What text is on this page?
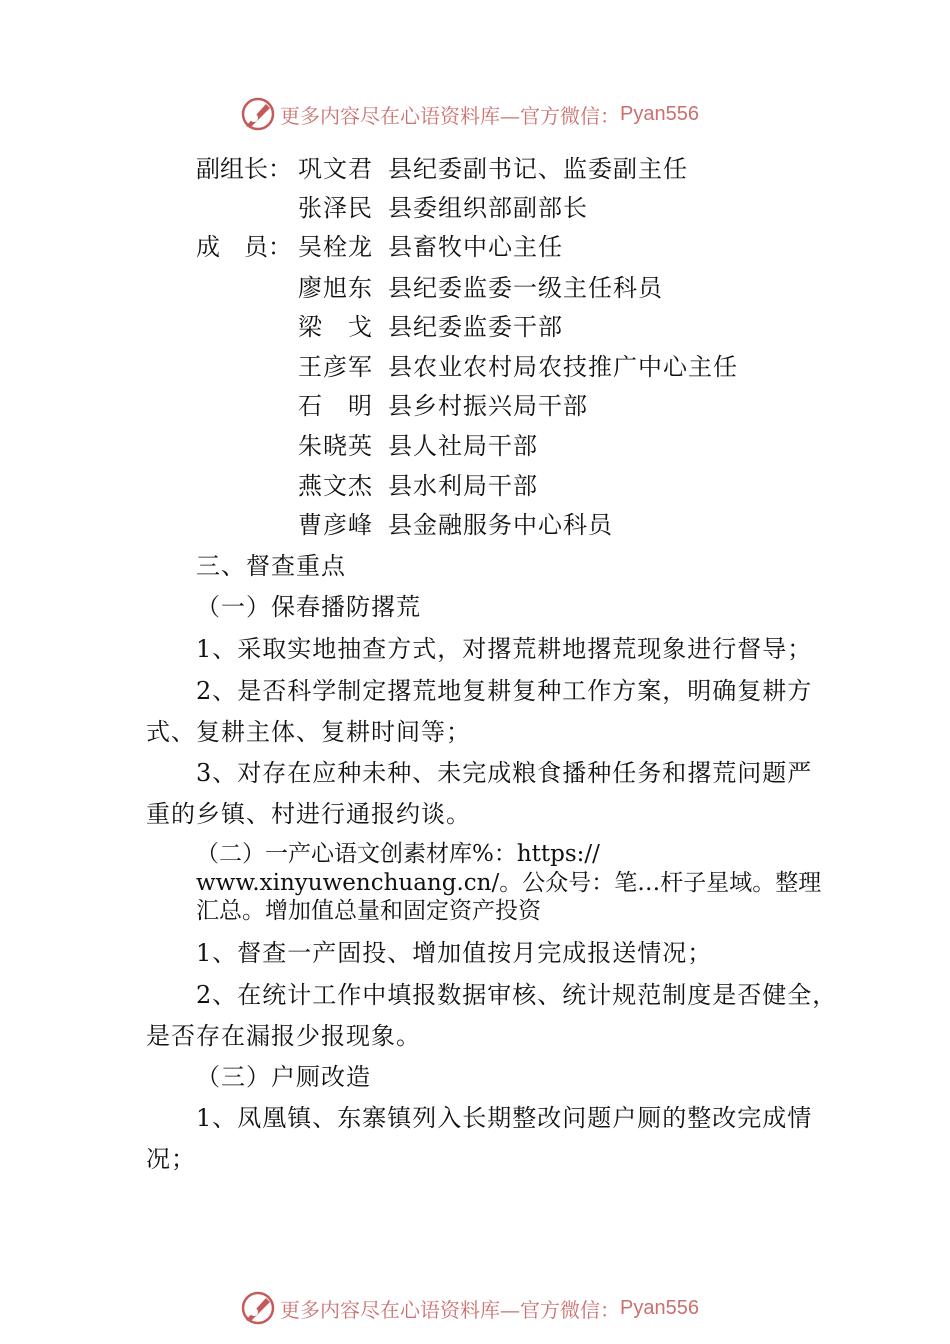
更多内容尽在心语资料库—官方微信： Pyan556
副组长： 巩文君 县纪委副书记、监委副主任
张泽民 县委组织部副部长
成　员： 吴栓龙 县畜牧中心主任
廖旭东 县纪委监委一级主任科员
梁　戈 县纪委监委干部
王彦军 县农业农村局农技推广中心主任
石　明 县乡村振兴局干部
朱晓英 县人社局干部
燕文杰 县水利局干部
曹彦峰 县金融服务中心科员
三、督查重点
（一）保春播防撂荒
1、采取实地抽查方式，对撂荒耕地撂荒现象进行督导；
2、是否科学制定撂荒地复耕复种工作方案，明确复耕方
式、复耕主体、复耕时间等；
3、对存在应种未种、未完成粮食播种任务和撂荒问题严
重的乡镇、村进行通报约谈。
（二）一产心语文创素材库%：https://
www.xinyuwenchuang.cn/。公众号：笔…杆子星域。整理
汇总。增加值总量和固定资产投资
1、督查一产固投、增加值按月完成报送情况；
2、在统计工作中填报数据审核、统计规范制度是否健全，
是否存在漏报少报现象。
（三）户厕改造
1、凤凰镇、东寨镇列入长期整改问题户厕的整改完成情
况；
更多内容尽在心语资料库—官方微信： Pyan556
